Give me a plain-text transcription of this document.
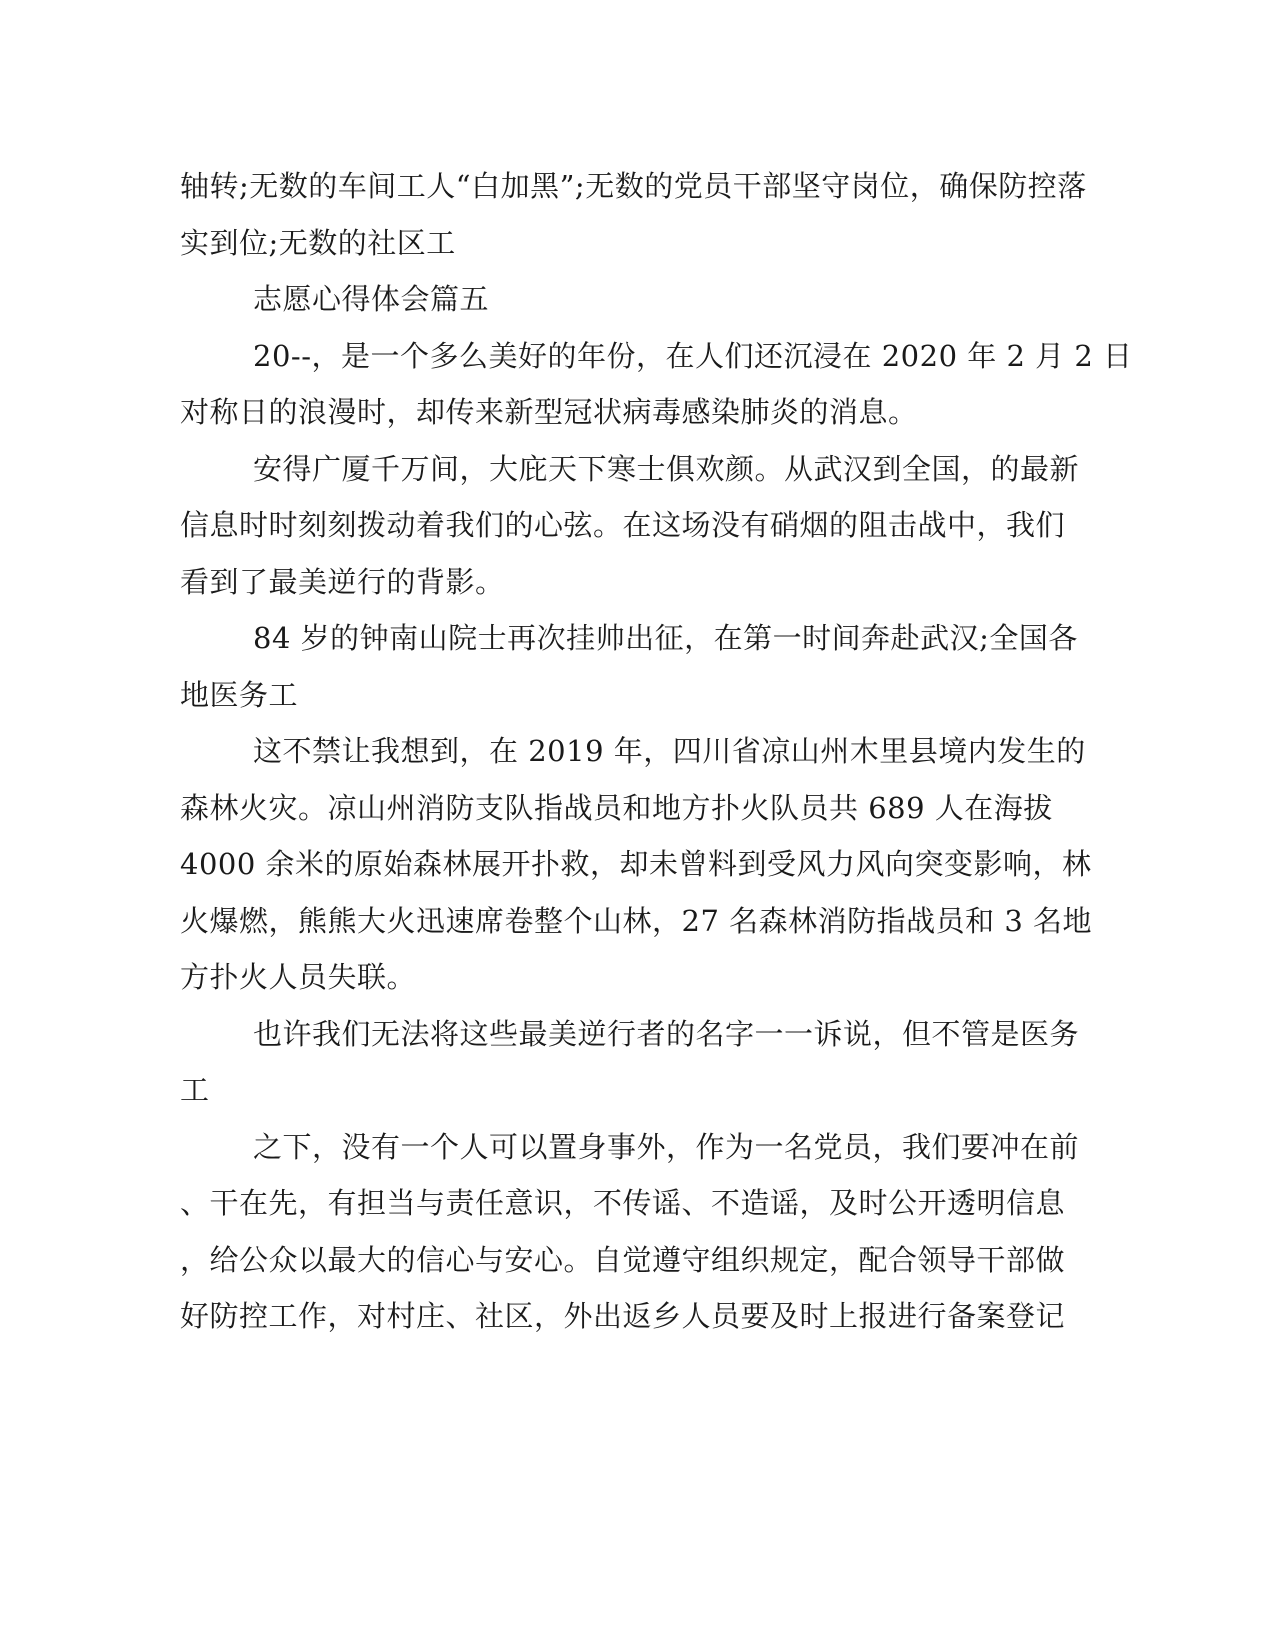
轴转;无数的车间工人“白加黑”;无数的党员干部坚守岗位，确保防控落
实到位;无数的社区工
志愿心得体会篇五
20--，是一个多么美好的年份，在人们还沉浸在 2020 年 2 月 2 日
对称日的浪漫时，却传来新型冠状病毒感染肺炎的消息。
安得广厦千万间，大庇天下寒士俱欢颜。从武汉到全国，的最新
信息时时刻刻拨动着我们的心弦。在这场没有硝烟的阻击战中，我们
看到了最美逆行的背影。
84 岁的钟南山院士再次挂帅出征，在第一时间奔赴武汉;全国各
地医务工
这不禁让我想到，在 2019 年，四川省凉山州木里县境内发生的
森林火灾。凉山州消防支队指战员和地方扑火队员共 689 人在海拔
4000 余米的原始森林展开扑救，却未曾料到受风力风向突变影响，林
火爆燃，熊熊大火迅速席卷整个山林，27 名森林消防指战员和 3 名地
方扑火人员失联。
也许我们无法将这些最美逆行者的名字一一诉说，但不管是医务
工
之下，没有一个人可以置身事外，作为一名党员，我们要冲在前
、干在先，有担当与责任意识，不传谣、不造谣，及时公开透明信息
，给公众以最大的信心与安心。自觉遵守组织规定，配合领导干部做
好防控工作，对村庄、社区，外出返乡人员要及时上报进行备案登记
